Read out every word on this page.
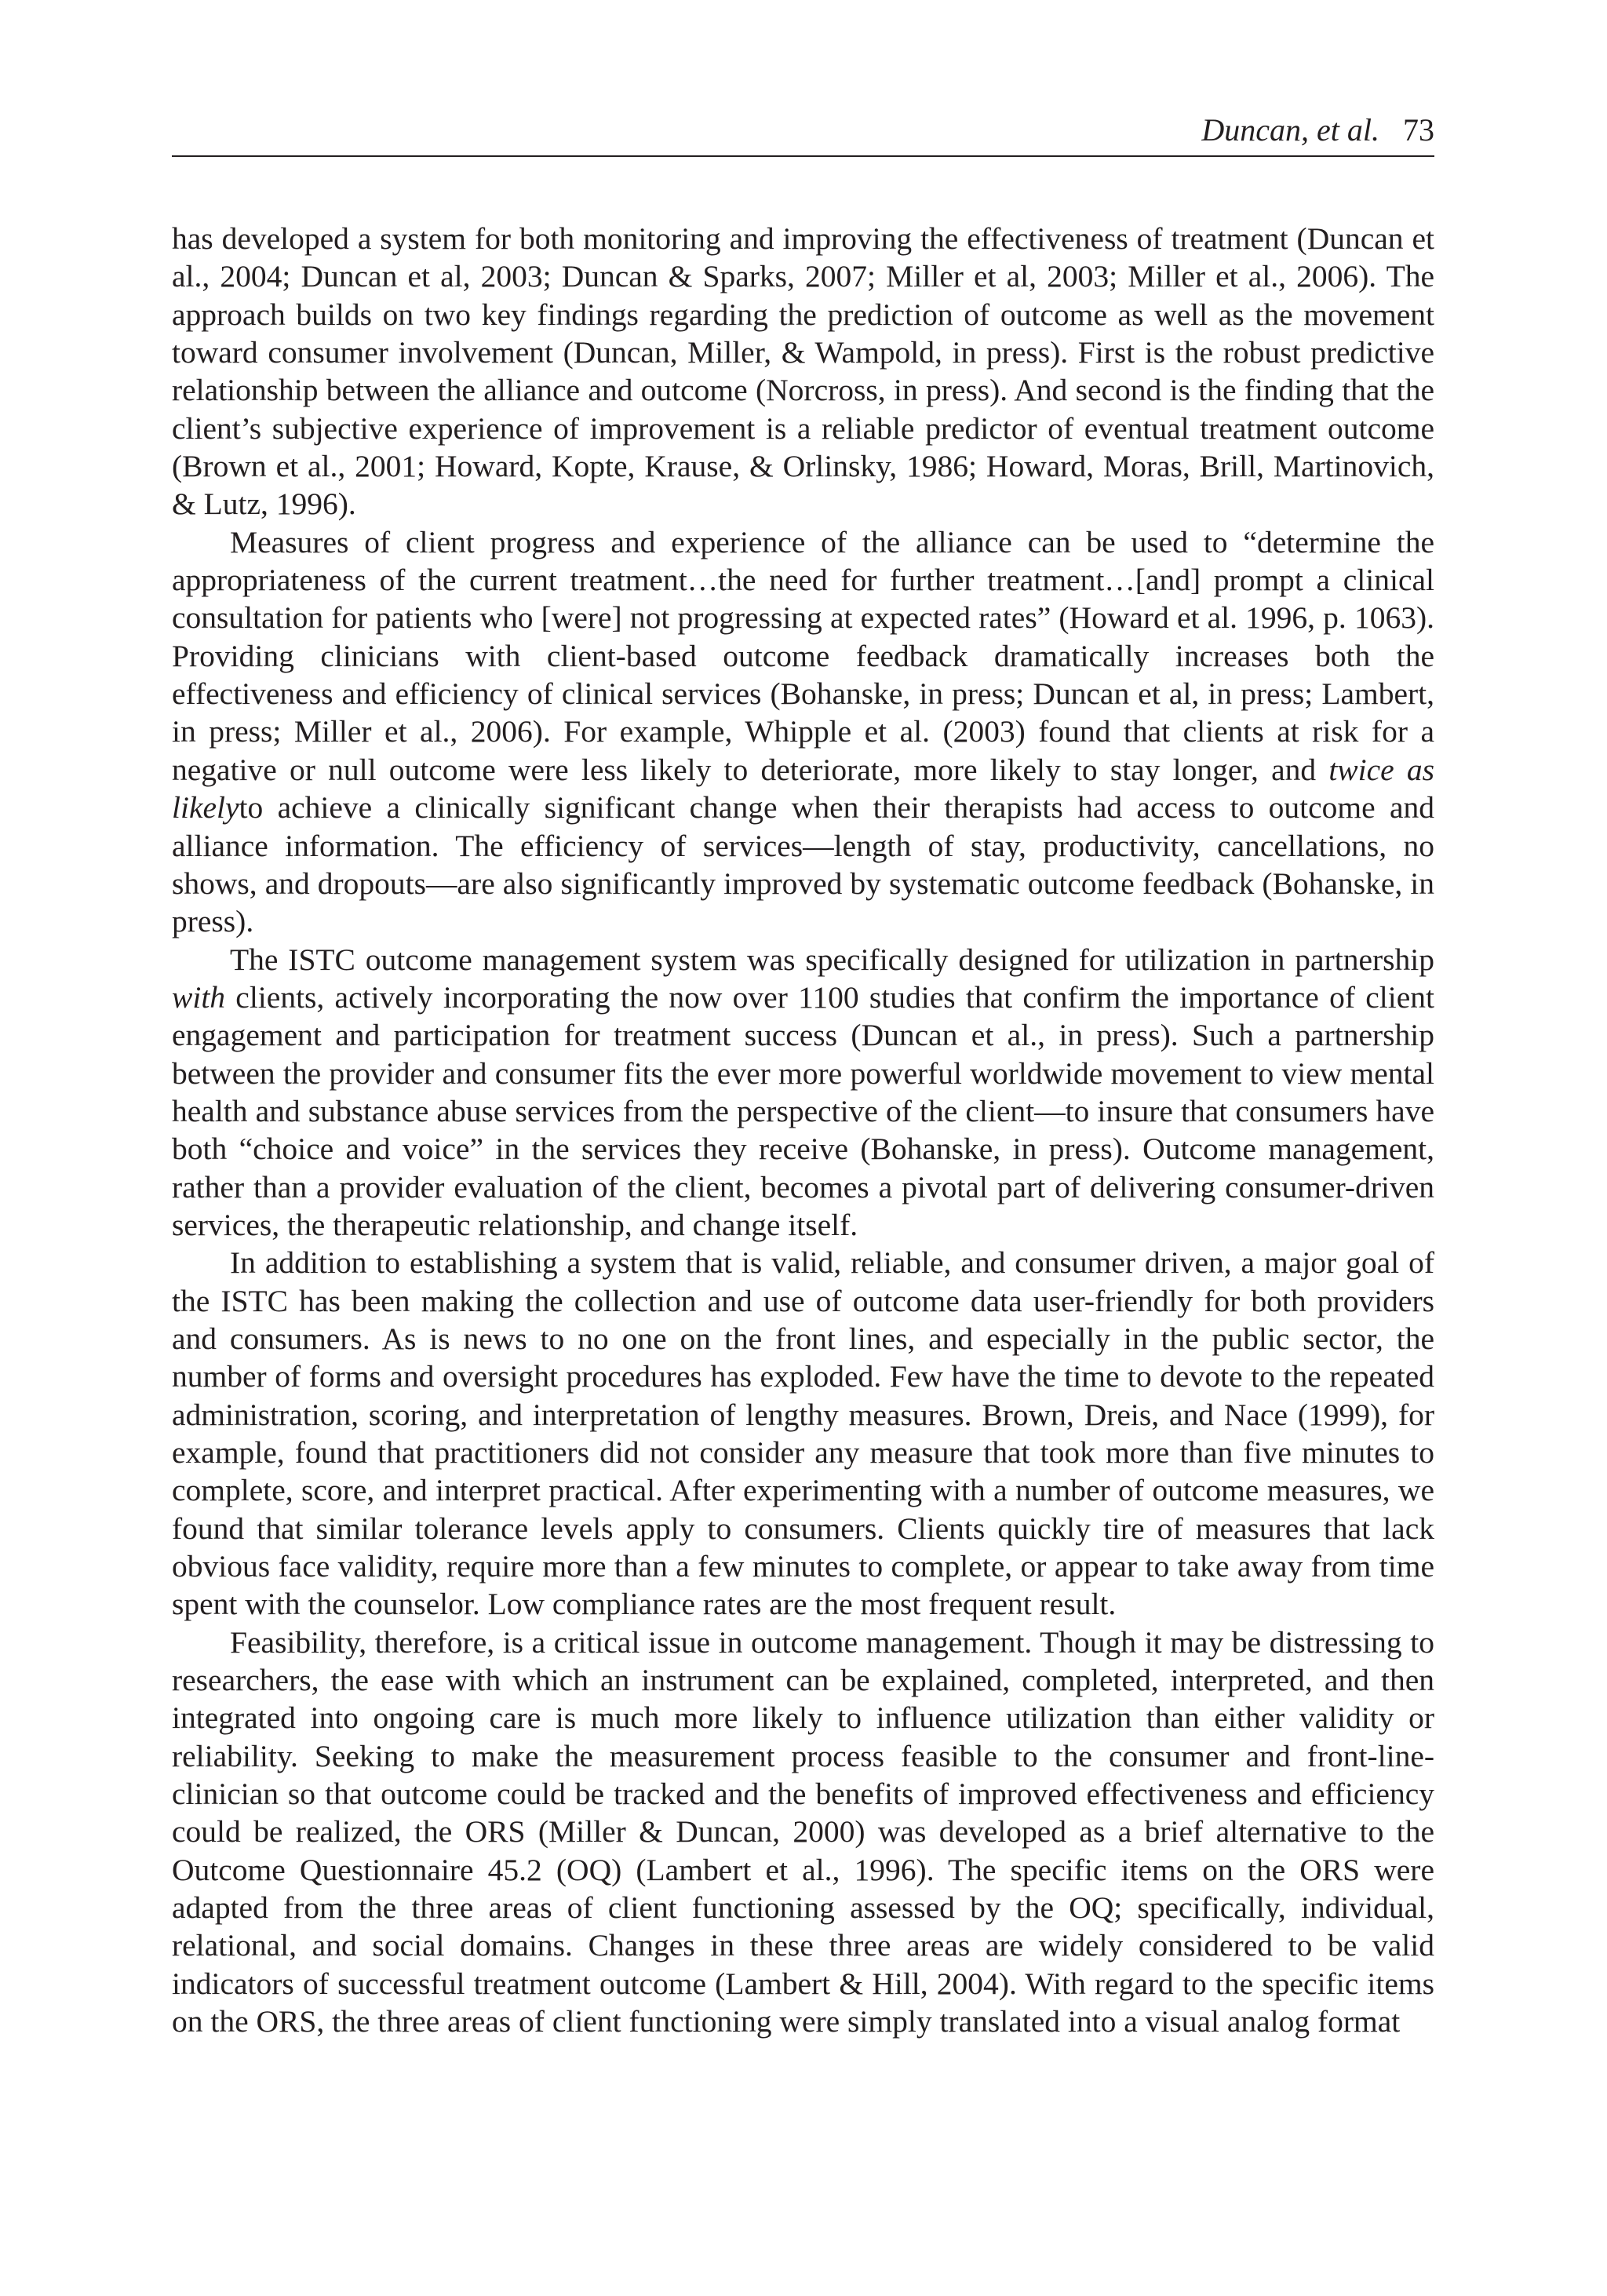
Duncan, et al. 73

has developed a system for both monitoring and improving the effectiveness of treatment (Duncan et al., 2004; Duncan et al, 2003; Duncan & Sparks, 2007; Miller et al, 2003; Miller et al., 2006). The approach builds on two key findings regarding the prediction of outcome as well as the movement toward consumer involvement (Duncan, Miller, & Wampold, in press). First is the robust predictive relationship between the alliance and outcome (Norcross, in press). And second is the finding that the client’s subjective experience of improvement is a reliable predictor of eventual treatment outcome (Brown et al., 2001; Howard, Kopte, Krause, & Orlinsky, 1986; Howard, Moras, Brill, Martinovich, & Lutz, 1996).

Measures of client progress and experience of the alliance can be used to “determine the appropriateness of the current treatment…the need for further treatment…[and] prompt a clinical consultation for patients who [were] not progressing at expected rates” (Howard et al. 1996, p. 1063). Providing clinicians with client-based outcome feedback dramatically increases both the effectiveness and efficiency of clinical services (Bohanske, in press; Duncan et al, in press; Lambert, in press; Miller et al., 2006). For example, Whipple et al. (2003) found that clients at risk for a negative or null outcome were less likely to deteriorate, more likely to stay longer, and twice as likelyto achieve a clinically significant change when their therapists had access to outcome and alliance information. The efficiency of services—length of stay, productivity, cancellations, no shows, and dropouts—are also significantly improved by systematic outcome feedback (Bohanske, in press).

The ISTC outcome management system was specifically designed for utilization in partnership with clients, actively incorporating the now over 1100 studies that confirm the importance of client engagement and participation for treatment success (Duncan et al., in press). Such a partnership between the provider and consumer fits the ever more powerful worldwide movement to view mental health and substance abuse services from the perspective of the client—to insure that consumers have both “choice and voice” in the services they receive (Bohanske, in press). Outcome management, rather than a provider evaluation of the client, becomes a pivotal part of delivering consumer-driven services, the therapeutic relationship, and change itself.

In addition to establishing a system that is valid, reliable, and consumer driven, a major goal of the ISTC has been making the collection and use of outcome data user-friendly for both providers and consumers. As is news to no one on the front lines, and especially in the public sector, the number of forms and oversight procedures has exploded. Few have the time to devote to the repeated administration, scoring, and interpretation of lengthy measures. Brown, Dreis, and Nace (1999), for example, found that practitioners did not consider any measure that took more than five minutes to complete, score, and interpret practical. After experimenting with a number of outcome measures, we found that similar tolerance levels apply to consumers. Clients quickly tire of measures that lack obvious face validity, require more than a few minutes to complete, or appear to take away from time spent with the counselor. Low compliance rates are the most frequent result.

Feasibility, therefore, is a critical issue in outcome management. Though it may be distressing to researchers, the ease with which an instrument can be explained, completed, interpreted, and then integrated into ongoing care is much more likely to influence utilization than either validity or reliability. Seeking to make the measurement process feasible to the consumer and front-line-clinician so that outcome could be tracked and the benefits of improved effectiveness and efficiency could be realized, the ORS (Miller & Duncan, 2000) was developed as a brief alternative to the Outcome Questionnaire 45.2 (OQ) (Lambert et al., 1996). The specific items on the ORS were adapted from the three areas of client functioning assessed by the OQ; specifically, individual, relational, and social domains. Changes in these three areas are widely considered to be valid indicators of successful treatment outcome (Lambert & Hill, 2004). With regard to the specific items on the ORS, the three areas of client functioning were simply translated into a visual analog format
